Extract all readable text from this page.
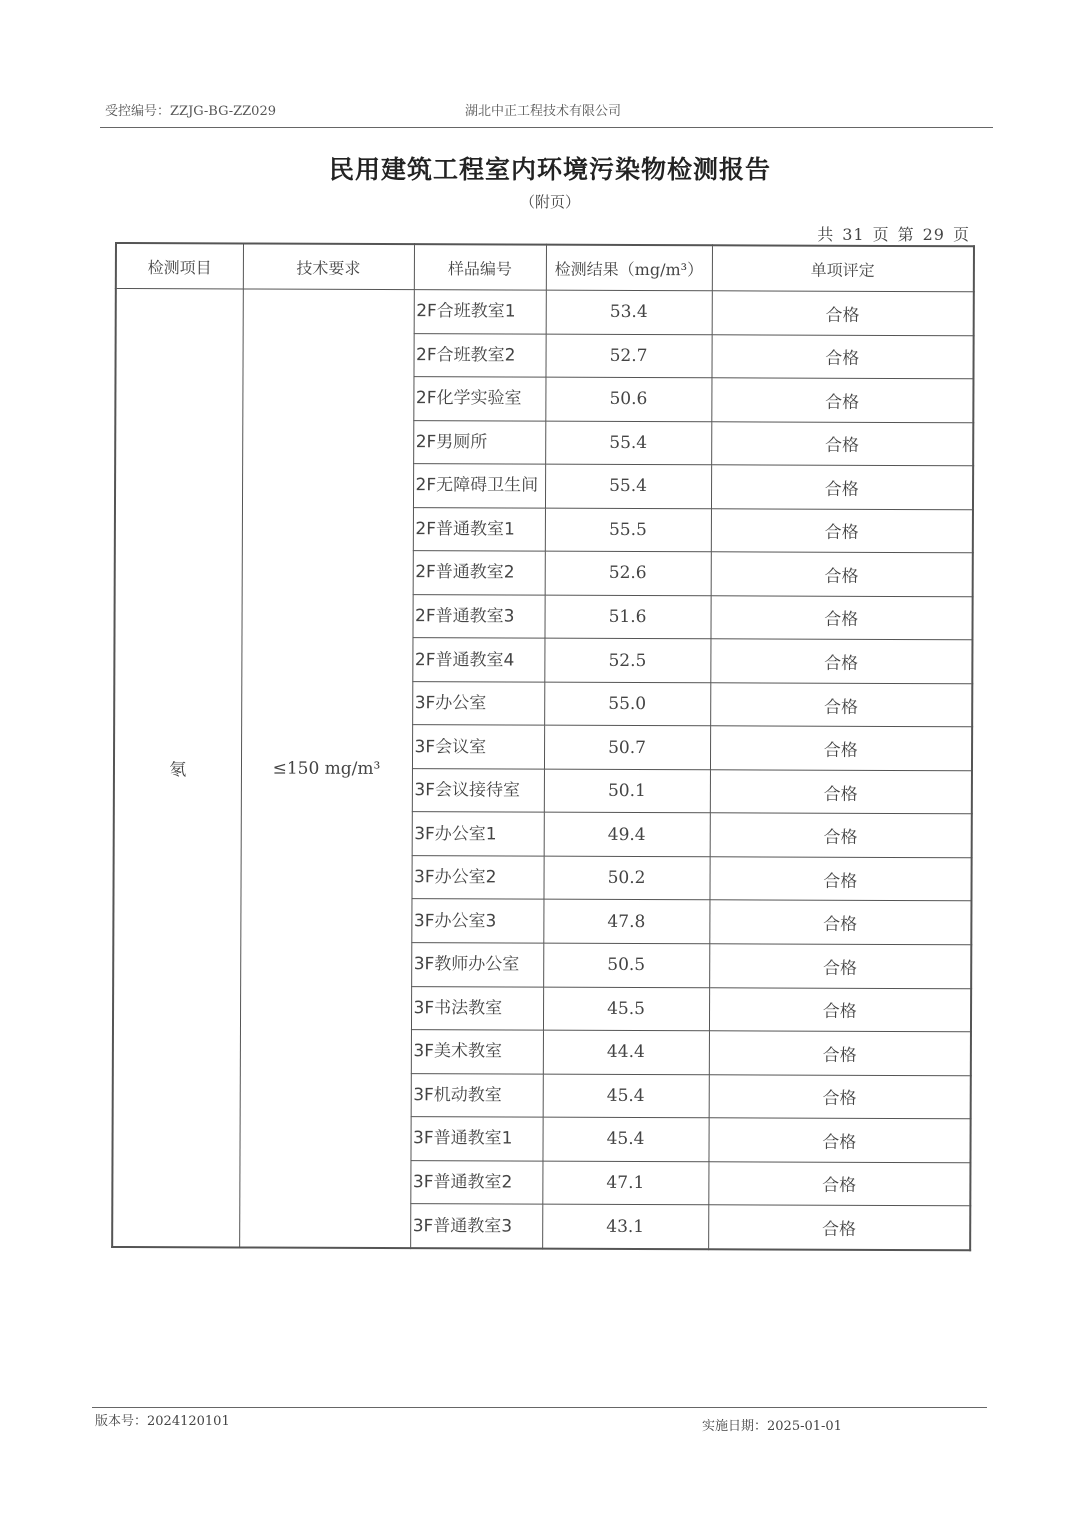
受控编号：ZZJG-BG-ZZ029	湖北中正工程技术有限公司
民用建筑工程室内环境污染物检测报告
（附页）
共 31 页 第 29 页
检测项目	技术要求	样品编号	检测结果（mg/m³）	单项评定
氡	≤150 mg/m³	2F合班教室1	53.4	合格
		2F合班教室2	52.7	合格
		2F化学实验室	50.6	合格
		2F男厕所	55.4	合格
		2F无障碍卫生间	55.4	合格
		2F普通教室1	55.5	合格
		2F普通教室2	52.6	合格
		2F普通教室3	51.6	合格
		2F普通教室4	52.5	合格
		3F办公室	55.0	合格
		3F会议室	50.7	合格
		3F会议接待室	50.1	合格
		3F办公室1	49.4	合格
		3F办公室2	50.2	合格
		3F办公室3	47.8	合格
		3F教师办公室	50.5	合格
		3F书法教室	45.5	合格
		3F美术教室	44.4	合格
		3F机动教室	45.4	合格
		3F普通教室1	45.4	合格
		3F普通教室2	47.1	合格
		3F普通教室3	43.1	合格
版本号：2024120101	实施日期：2025-01-01
